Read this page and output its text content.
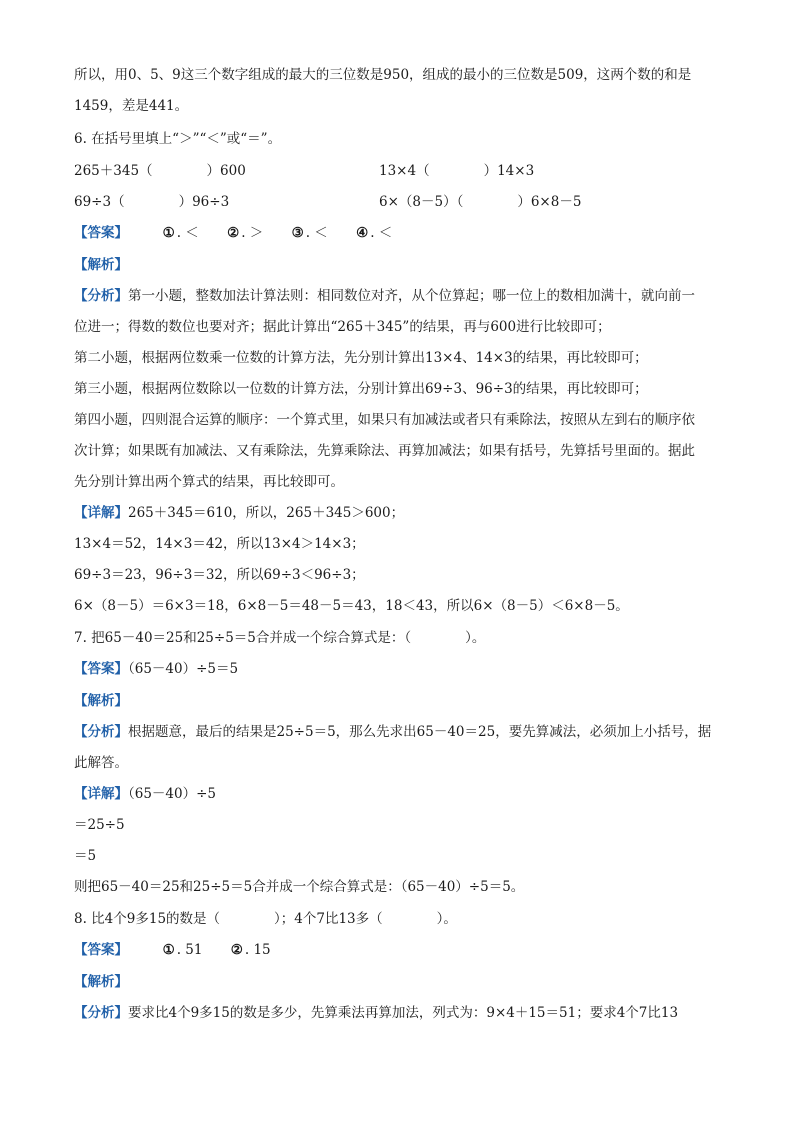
所以，用0、5、9这三个数字组成的最大的三位数是950，组成的最小的三位数是509，这两个数的和是
1459，差是441。
6. 在括号里填上“＞”“＜”或“＝”。
265＋345（　　　　）600	13×4（　　　　）14×3
69÷3（　　　　）96÷3	6×（8－5）（　　　　）6×8－5
【答案】	① . ＜ ② . ＞ ③ . ＜ ④ . ＜
【解析】
【分析】第一小题，整数加法计算法则：相同数位对齐，从个位算起；哪一位上的数相加满十，就向前一
位进一；得数的数位也要对齐；据此计算出“265＋345”的结果，再与600进行比较即可；
第二小题，根据两位数乘一位数的计算方法，先分别计算出13×4、14×3的结果，再比较即可；
第三小题，根据两位数除以一位数的计算方法，分别计算出69÷3、96÷3的结果，再比较即可；
第四小题，四则混合运算的顺序：一个算式里，如果只有加减法或者只有乘除法，按照从左到右的顺序依
次计算；如果既有加减法、又有乘除法，先算乘除法、再算加减法；如果有括号，先算括号里面的。据此
先分别计算出两个算式的结果，再比较即可。
【详解】265＋345＝610，所以，265＋345＞600；
13×4＝52，14×3＝42，所以13×4＞14×3；
69÷3＝23，96÷3＝32，所以69÷3＜96÷3；
6×（8－5）＝6×3＝18，6×8－5＝48－5＝43，18＜43，所以6×（8－5）＜6×8－5。
7. 把65－40＝25和25÷5＝5合并成一个综合算式是：（　　　　）。
【答案】（65－40）÷5＝5
【解析】
【分析】根据题意，最后的结果是25÷5＝5，那么先求出65－40＝25，要先算减法，必须加上小括号，据
此解答。
【详解】（65－40）÷5
＝25÷5
＝5
则把65－40＝25和25÷5＝5合并成一个综合算式是：（65－40）÷5＝5。
8. 比4个9多15的数是（　　　　）；4个7比13多（　　　　）。
【答案】	① . 51 ② . 15
【解析】
【分析】要求比4个9多15的数是多少，先算乘法再算加法，列式为：9×4＋15＝51；要求4个7比13
